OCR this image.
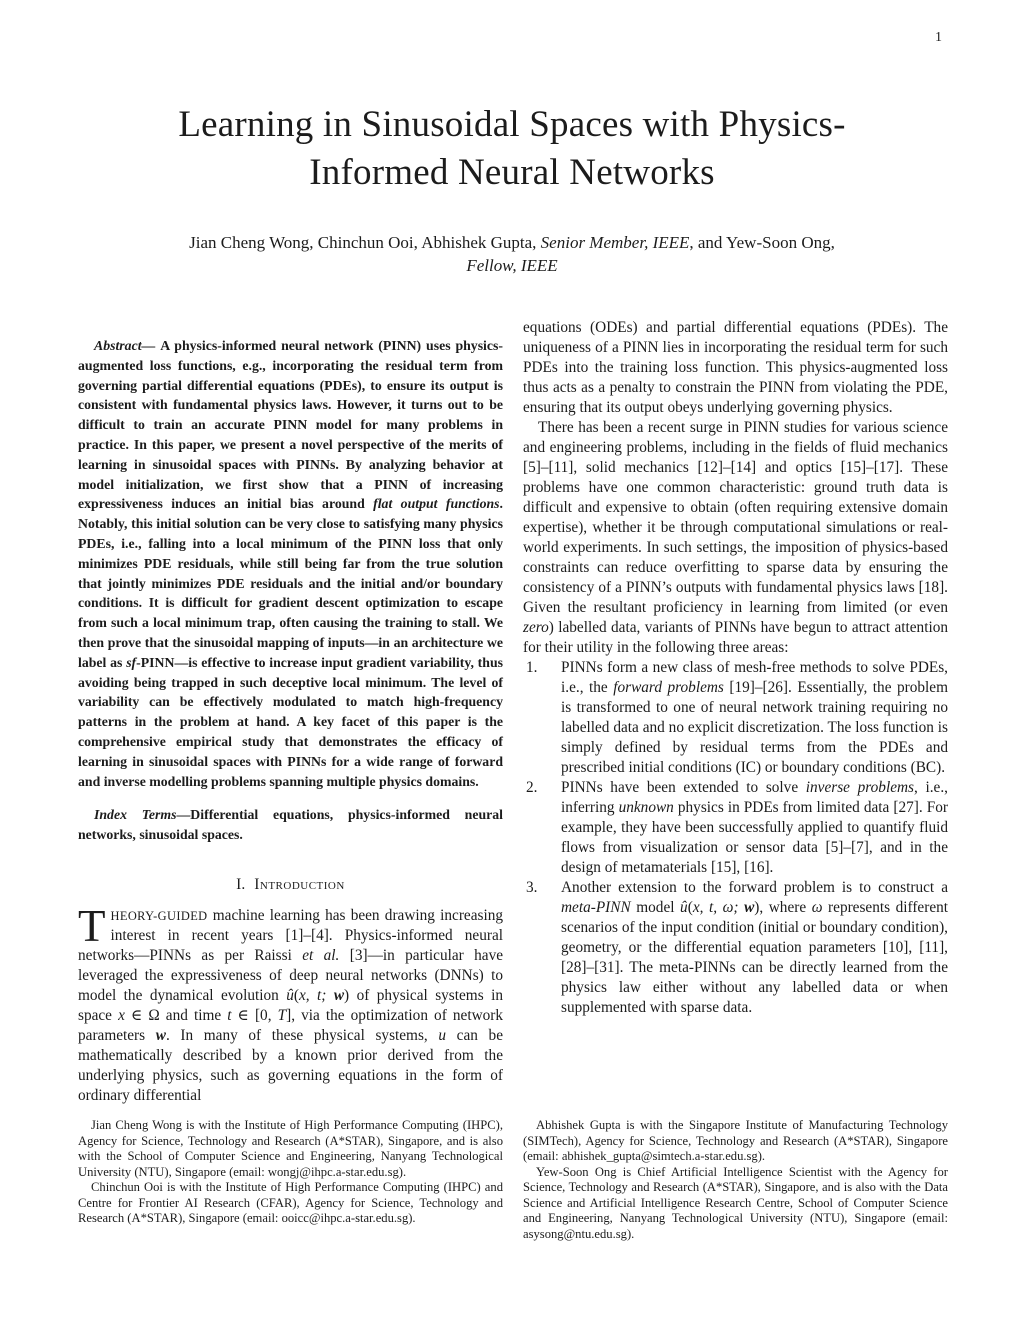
1
Learning in Sinusoidal Spaces with Physics-
Informed Neural Networks
Jian Cheng Wong, Chinchun Ooi, Abhishek Gupta, Senior Member, IEEE, and Yew-Soon Ong,
Fellow, IEEE

Abstract— A physics-informed neural network (PINN) uses physics-augmented loss functions, e.g., incorporating the residual term from governing partial differential equations (PDEs), to ensure its output is consistent with fundamental physics laws. However, it turns out to be difficult to train an accurate PINN model for many problems in practice. In this paper, we present a novel perspective of the merits of learning in sinusoidal spaces with PINNs. By analyzing behavior at model initialization, we first show that a PINN of increasing expressiveness induces an initial bias around flat output functions. Notably, this initial solution can be very close to satisfying many physics PDEs, i.e., falling into a local minimum of the PINN loss that only minimizes PDE residuals, while still being far from the true solution that jointly minimizes PDE residuals and the initial and/or boundary conditions. It is difficult for gradient descent optimization to escape from such a local minimum trap, often causing the training to stall. We then prove that the sinusoidal mapping of inputs—in an architecture we label as sf-PINN—is effective to increase input gradient variability, thus avoiding being trapped in such deceptive local minimum. The level of variability can be effectively modulated to match high-frequency patterns in the problem at hand. A key facet of this paper is the comprehensive empirical study that demonstrates the efficacy of learning in sinusoidal spaces with PINNs for a wide range of forward and inverse modelling problems spanning multiple physics domains.

Index Terms—Differential equations, physics-informed neural networks, sinusoidal spaces.

I. Introduction

THEORY-GUIDED machine learning has been drawing increasing interest in recent years [1]–[4]. Physics-informed neural networks—PINNs as per Raissi et al. [3]—in particular have leveraged the expressiveness of deep neural networks (DNNs) to model the dynamical evolution û(x, t; w) of physical systems in space x ∈ Ω and time t ∈ [0, T], via the optimization of network parameters w. In many of these physical systems, u can be mathematically described by a known prior derived from the underlying physics, such as governing equations in the form of ordinary differential

equations (ODEs) and partial differential equations (PDEs). The uniqueness of a PINN lies in incorporating the residual term for such PDEs into the training loss function. This physics-augmented loss thus acts as a penalty to constrain the PINN from violating the PDE, ensuring that its output obeys underlying governing physics.

There has been a recent surge in PINN studies for various science and engineering problems, including in the fields of fluid mechanics [5]–[11], solid mechanics [12]–[14] and optics [15]–[17]. These problems have one common characteristic: ground truth data is difficult and expensive to obtain (often requiring extensive domain expertise), whether it be through computational simulations or real-world experiments. In such settings, the imposition of physics-based constraints can reduce overfitting to sparse data by ensuring the consistency of a PINN’s outputs with fundamental physics laws [18]. Given the resultant proficiency in learning from limited (or even zero) labelled data, variants of PINNs have begun to attract attention for their utility in the following three areas:

1. PINNs form a new class of mesh-free methods to solve PDEs, i.e., the forward problems [19]–[26]. Essentially, the problem is transformed to one of neural network training requiring no labelled data and no explicit discretization. The loss function is simply defined by residual terms from the PDEs and prescribed initial conditions (IC) or boundary conditions (BC).
2. PINNs have been extended to solve inverse problems, i.e., inferring unknown physics in PDEs from limited data [27]. For example, they have been successfully applied to quantify fluid flows from visualization or sensor data [5]–[7], and in the design of metamaterials [15], [16].
3. Another extension to the forward problem is to construct a meta-PINN model û(x, t, ω; w), where ω represents different scenarios of the input condition (initial or boundary condition), geometry, or the differential equation parameters [10], [11], [28]–[31]. The meta-PINNs can be directly learned from the physics law either without any labelled data or when supplemented with sparse data.

Jian Cheng Wong is with the Institute of High Performance Computing (IHPC), Agency for Science, Technology and Research (A*STAR), Singapore, and is also with the School of Computer Science and Engineering, Nanyang Technological University (NTU), Singapore (email: wongj@ihpc.a-star.edu.sg).

Chinchun Ooi is with the Institute of High Performance Computing (IHPC) and Centre for Frontier AI Research (CFAR), Agency for Science, Technology and Research (A*STAR), Singapore (email: ooicc@ihpc.a-star.edu.sg).

Abhishek Gupta is with the Singapore Institute of Manufacturing Technology (SIMTech), Agency for Science, Technology and Research (A*STAR), Singapore (email: abhishek_gupta@simtech.a-star.edu.sg).

Yew-Soon Ong is Chief Artificial Intelligence Scientist with the Agency for Science, Technology and Research (A*STAR), Singapore, and is also with the Data Science and Artificial Intelligence Research Centre, School of Computer Science and Engineering, Nanyang Technological University (NTU), Singapore (email: asysong@ntu.edu.sg).
